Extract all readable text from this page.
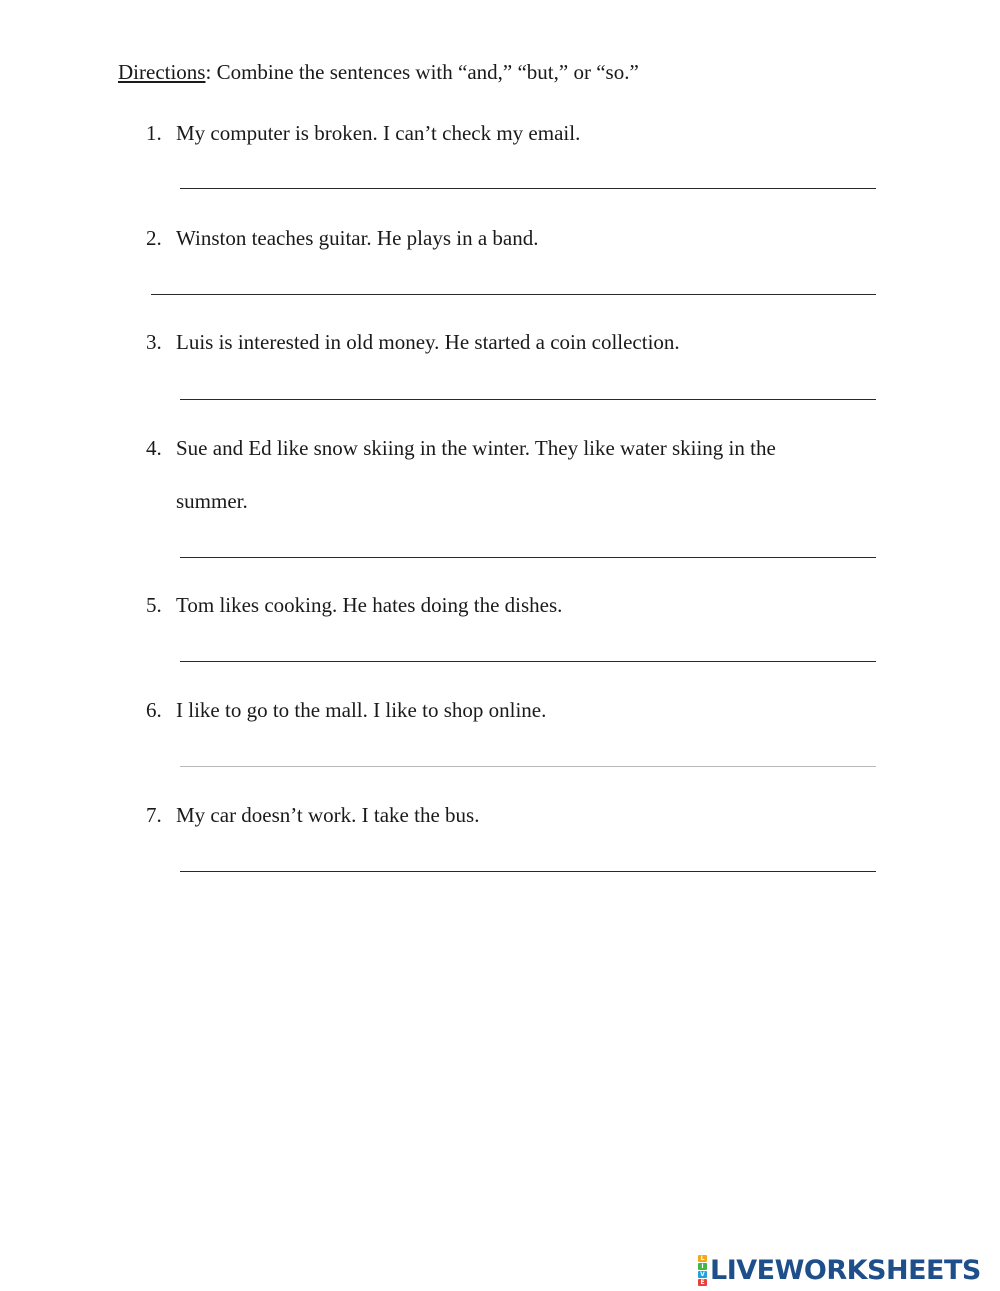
Directions: Combine the sentences with “and,” “but,” or “so.”
1. My computer is broken. I can’t check my email.
2. Winston teaches guitar. He plays in a band.
3. Luis is interested in old money. He started a coin collection.
4. Sue and Ed like snow skiing in the winter. They like water skiing in the
summer.
5. Tom likes cooking. He hates doing the dishes.
6. I like to go to the mall. I like to shop online.
7. My car doesn’t work. I take the bus.
L
I
V
E LIVEWORKSHEETS
